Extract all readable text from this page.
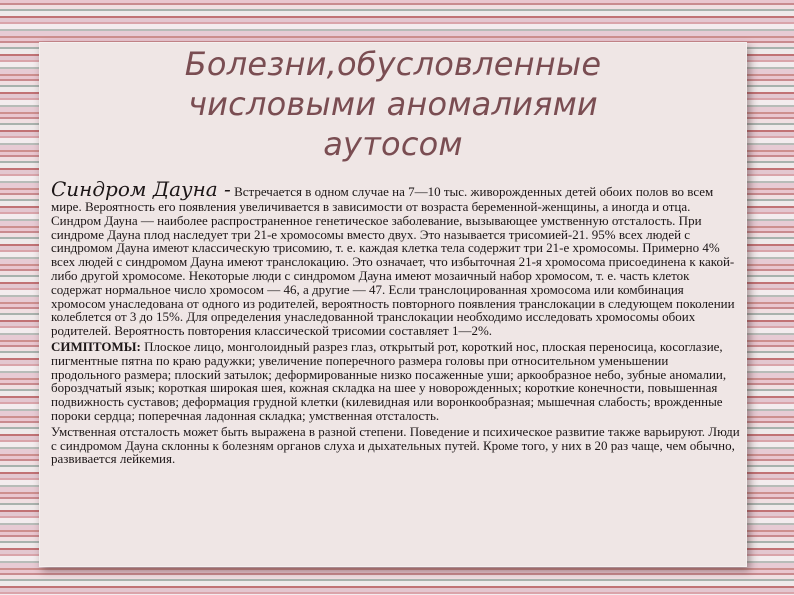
Болезни,обусловленные
числовыми аномалиями
аутосом

Синдром Дауна - Встречается в одном случае на 7—10 тыс. живорожденных детей обоих полов во всем мире. Вероятность его появления увеличивается в зависимости от возраста беременной-женщины, а иногда и отца. Синдром Дауна — наиболее распространенное генетическое заболевание, вызывающее умственную отсталость. При синдроме Дауна плод наследует три 21-е хромосомы вместо двух. Это называется трисомией-21. 95% всех людей с синдромом Дауна имеют классическую трисомию, т. е. каждая клетка тела содержит три 21-е хромосомы. Примерно 4% всех людей с синдромом Дауна имеют транслокацию. Это означает, что избыточная 21-я хромосома присоединена к какой-либо другой хромосоме. Некоторые люди с синдромом Дауна имеют мозаичный набор хромосом, т. е. часть клеток содержат нормальное число хромосом — 46, а другие — 47. Если транслоцированная хромосома или комбинация хромосом унаследована от одного из родителей, вероятность повторного появления транслокации в следующем поколении колеблется от 3 до 15%. Для определения унаследованной транслокации необходимо исследовать хромосомы обоих родителей. Вероятность повторения классической трисомии составляет 1—2%.

СИМПТОМЫ: Плоское лицо, монголоидный разрез глаз, открытый рот, короткий нос, плоская переносица, косоглазие, пигментные пятна по краю радужки; увеличение поперечного размера головы при относительном уменьшении продольного размера; плоский затылок; деформированные низко посаженные уши; аркообразное небо, зубные аномалии, бороздчатый язык; короткая широкая шея, кожная складка на шее у новорожденных; короткие конечности, повышенная подвижность суставов; деформация грудной клетки (килевидная или воронкообразная; мышечная слабость; врожденные пороки сердца; поперечная ладонная складка; умственная отсталость.

Умственная отсталость может быть выражена в разной степени. Поведение и психическое развитие также варьируют. Люди с синдромом Дауна склонны к болезням органов слуха и дыхательных путей. Кроме того, у них в 20 раз чаще, чем обычно, развивается лейкемия.
